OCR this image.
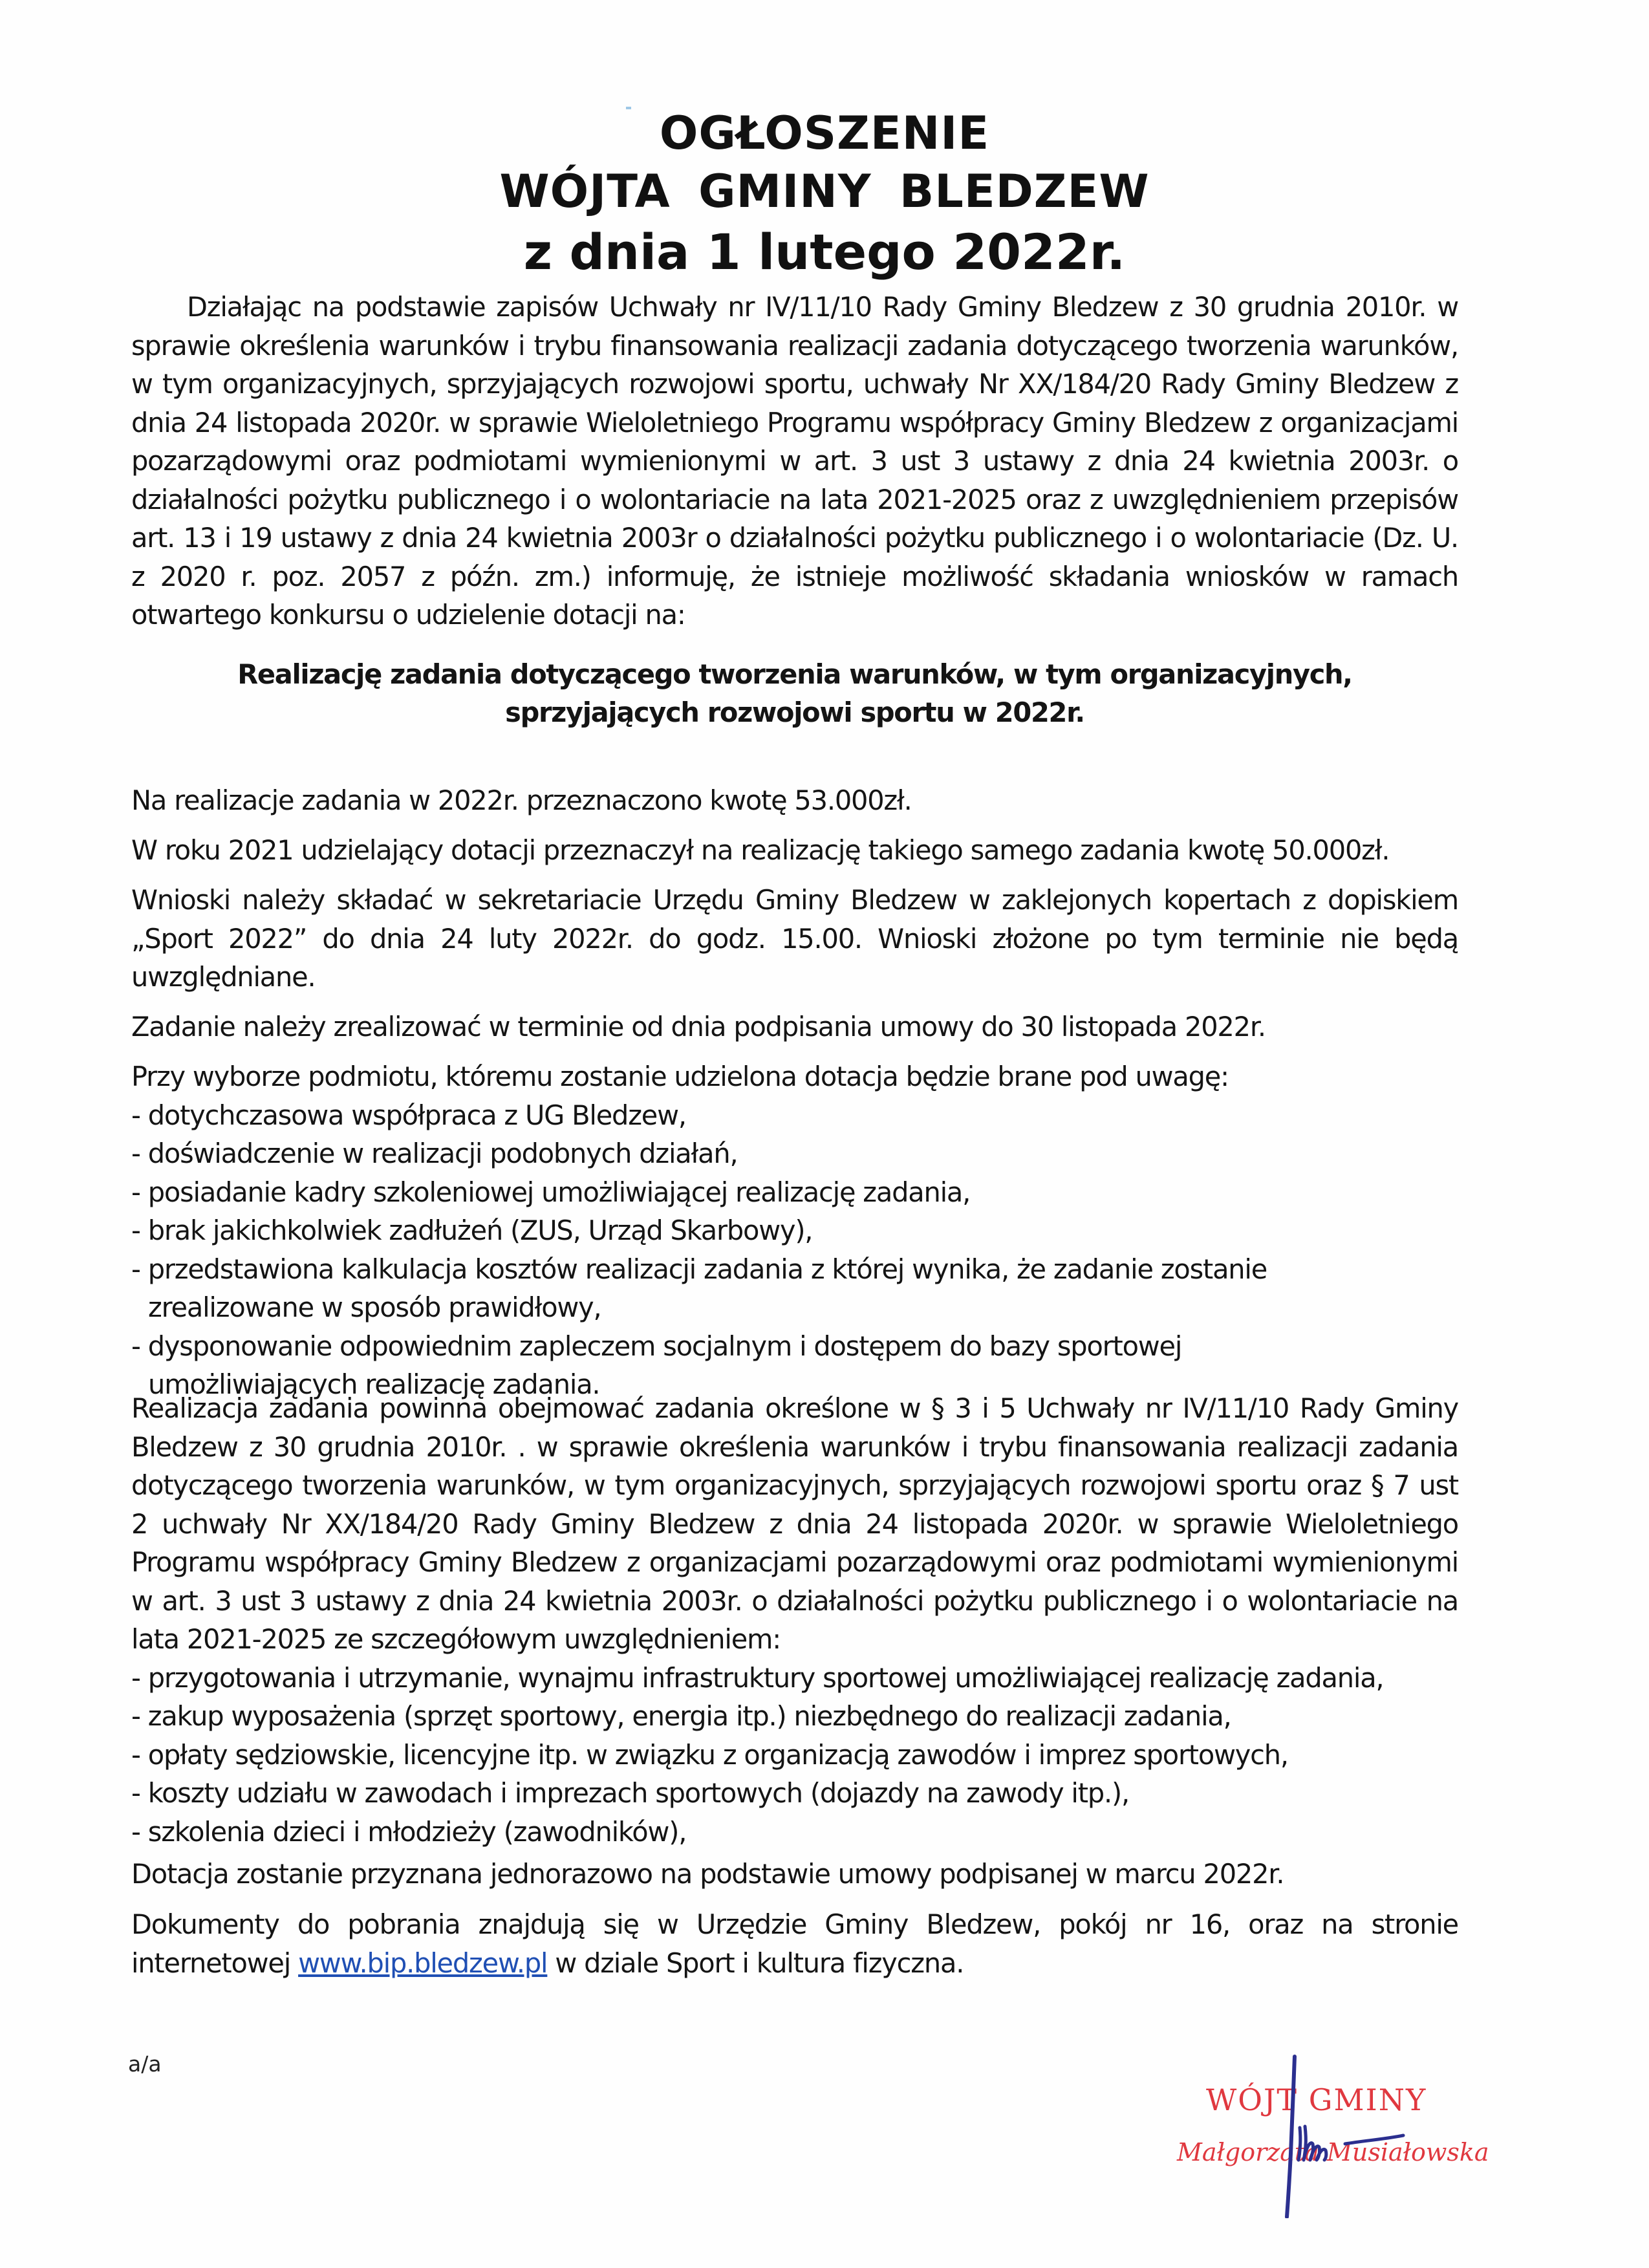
OGŁOSZENIE
WÓJTA GMINY BLEDZEW
z dnia 1 lutego 2022r.
Działając na podstawie zapisów Uchwały nr IV/11/10 Rady Gminy Bledzew z 30 grudnia 2010r. w sprawie określenia warunków i trybu finansowania realizacji zadania dotyczącego tworzenia warunków, w tym organizacyjnych, sprzyjających rozwojowi sportu, uchwały Nr XX/184/20 Rady Gminy Bledzew z dnia 24 listopada 2020r. w sprawie Wieloletniego Programu współpracy Gminy Bledzew z organizacjami pozarządowymi oraz podmiotami wymienionymi w art. 3 ust 3 ustawy z dnia 24 kwietnia 2003r. o działalności pożytku publicznego i o wolontariacie na lata 2021-2025 oraz z uwzględnieniem przepisów art. 13 i 19 ustawy z dnia 24 kwietnia 2003r o działalności pożytku publicznego i o wolontariacie (Dz. U. z 2020 r. poz. 2057 z późn. zm.) informuję, że istnieje możliwość składania wniosków w ramach otwartego konkursu o udzielenie dotacji na:
Realizację zadania dotyczącego tworzenia warunków, w tym organizacyjnych,
sprzyjających rozwojowi sportu w 2022r.
Na realizacje zadania w 2022r. przeznaczono kwotę 53.000zł.
W roku 2021 udzielający dotacji przeznaczył na realizację takiego samego zadania kwotę 50.000zł.
Wnioski należy składać w sekretariacie Urzędu Gminy Bledzew w zaklejonych kopertach z dopiskiem „Sport 2022” do dnia 24 luty 2022r. do godz. 15.00. Wnioski złożone po tym terminie nie będą uwzględniane.
Zadanie należy zrealizować w terminie od dnia podpisania umowy do 30 listopada 2022r.
Przy wyborze podmiotu, któremu zostanie udzielona dotacja będzie brane pod uwagę:
- dotychczasowa współpraca z UG Bledzew,
- doświadczenie w realizacji podobnych działań,
- posiadanie kadry szkoleniowej umożliwiającej realizację zadania,
- brak jakichkolwiek zadłużeń (ZUS, Urząd Skarbowy),
- przedstawiona kalkulacja kosztów realizacji zadania z której wynika, że zadanie zostanie zrealizowane w sposób prawidłowy,
- dysponowanie odpowiednim zapleczem socjalnym i dostępem do bazy sportowej umożliwiających realizację zadania.
Realizacja zadania powinna obejmować zadania określone w § 3 i 5 Uchwały nr IV/11/10 Rady Gminy Bledzew z 30 grudnia 2010r. . w sprawie określenia warunków i trybu finansowania realizacji zadania dotyczącego tworzenia warunków, w tym organizacyjnych, sprzyjających rozwojowi sportu oraz § 7 ust 2 uchwały Nr XX/184/20 Rady Gminy Bledzew z dnia 24 listopada 2020r. w sprawie Wieloletniego Programu współpracy Gminy Bledzew z organizacjami pozarządowymi oraz podmiotami wymienionymi w art. 3 ust 3 ustawy z dnia 24 kwietnia 2003r. o działalności pożytku publicznego i o wolontariacie na lata 2021-2025 ze szczegółowym uwzględnieniem:
- przygotowania i utrzymanie, wynajmu infrastruktury sportowej umożliwiającej realizację zadania,
- zakup wyposażenia (sprzęt sportowy, energia itp.) niezbędnego do realizacji zadania,
- opłaty sędziowskie, licencyjne itp. w związku z organizacją zawodów i imprez sportowych,
- koszty udziału w zawodach i imprezach sportowych (dojazdy na zawody itp.),
- szkolenia dzieci i młodzieży (zawodników),
Dotacja zostanie przyznana jednorazowo na podstawie umowy podpisanej w marcu 2022r.
Dokumenty do pobrania znajdują się w Urzędzie Gminy Bledzew, pokój nr 16, oraz na stronie internetowej www.bip.bledzew.pl w dziale Sport i kultura fizyczna.
a/a
WÓJT GMINY
Małgorzata Musiałowska
